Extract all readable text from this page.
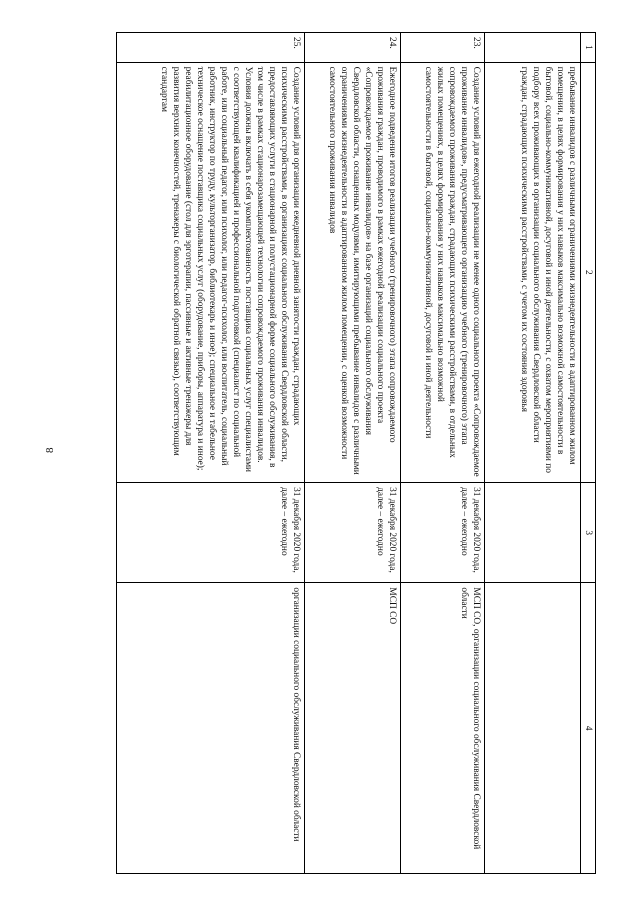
8
1	2	3	4
	пребывание инвалидов с различными ограничениями жизнедеятельности в адаптированном жилом помещении, в целях формирования у них навыков максимально возможной самостоятельности в бытовой, социально-коммуникативной, досуговой и иной деятельности, с охватом мероприятиями по подбору всех проживающих в организации социального обслуживания Свердловской области граждан, страдающих психическими расстройствами, с учетом их состояния здоровья		
23.	Создание условий для ежегодной реализации не менее одного социального проекта «Сопровождаемое проживание инвалидов», предусматривающего организацию учебного (тренировочного) этапа сопровождаемого проживания граждан, страдающих психическими расстройствами, в отдельных жилых помещениях, в целях формирования у них навыков максимально возможной самостоятельности в бытовой, социально-коммуникативной, досуговой и иной деятельности	31 декабря 2020 года, далее – ежегодно	МСП СО, организации социального обслуживания Свердловской области
24.	Ежегодное подведение итогов реализации учебного (тренировочного) этапа сопровождаемого проживания граждан, проводимого в рамках ежегодной реализации социального проекта «Сопровождаемое проживание инвалидов» на базе организаций социального обслуживания Свердловской области, оснащенных модулями, имитирующими пребывание инвалидов с различными ограничениями жизнедеятельности в адаптированном жилом помещении, с оценкой возможности самостоятельного проживания инвалидов	31 декабря 2020 года, далее – ежегодно	МСП СО
25.	Создание условий для организации ежедневной дневной занятости граждан, страдающих психическими расстройствами, в организациях социального обслуживания Свердловской области, предоставляющих услуги в стационарной и полустационарной форме социального обслуживания, в том числе в рамках стационарозамещающей технологии сопровождаемого проживания инвалидов. Условия должны включать в себя укомплектованность поставщика социальных услуг специалистами с соответствующей квалификацией и профессиональной подготовкой (специалист по социальной работе, или социальный педагог, или психолог, или педагог-психолог, или воспитатель, социальный работник, инструктор по труду, культорганизатор, библиотекарь и иное); специальное и табельное техническое оснащение поставщика социальных услуг (оборудование, приборы, аппаратура и иное); реабилитационное оборудование (стол для эрготерапии, пассивные и активные тренажеры для развития верхних конечностей, тренажеры с биологической обратной связью), соответствующим стандартам	31 декабря 2020 года, далее – ежегодно	организации социального обслуживания Свердловской области
